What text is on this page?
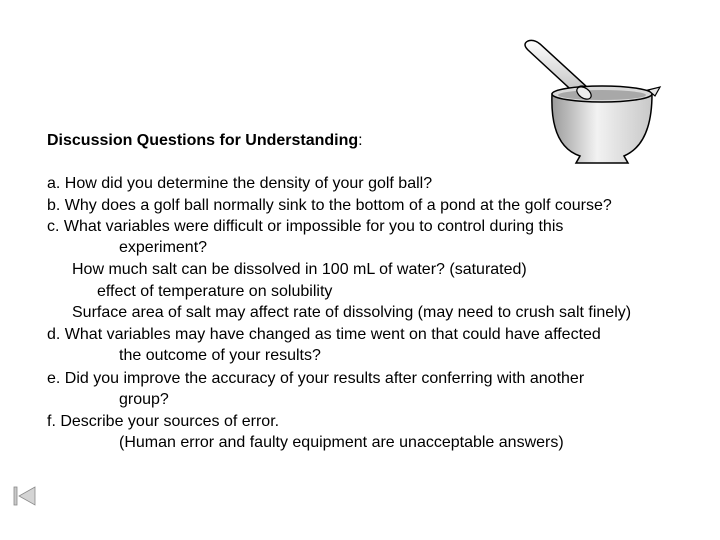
Discussion Questions for Understanding:
a. How did you determine the density of your golf ball?
b. Why does a golf ball normally sink to the bottom of a pond at the golf course?
c. What variables were difficult or impossible for you to control during this
experiment?
How much salt can be dissolved in 100 mL of water? (saturated)
effect of temperature on solubility
Surface area of salt may affect rate of dissolving (may need to crush salt finely)
d. What variables may have changed as time went on that could have affected
the outcome of your results?
e. Did you improve the accuracy of your results after conferring with another
group?
f. Describe your sources of error.
(Human error and faulty equipment are unacceptable answers)
